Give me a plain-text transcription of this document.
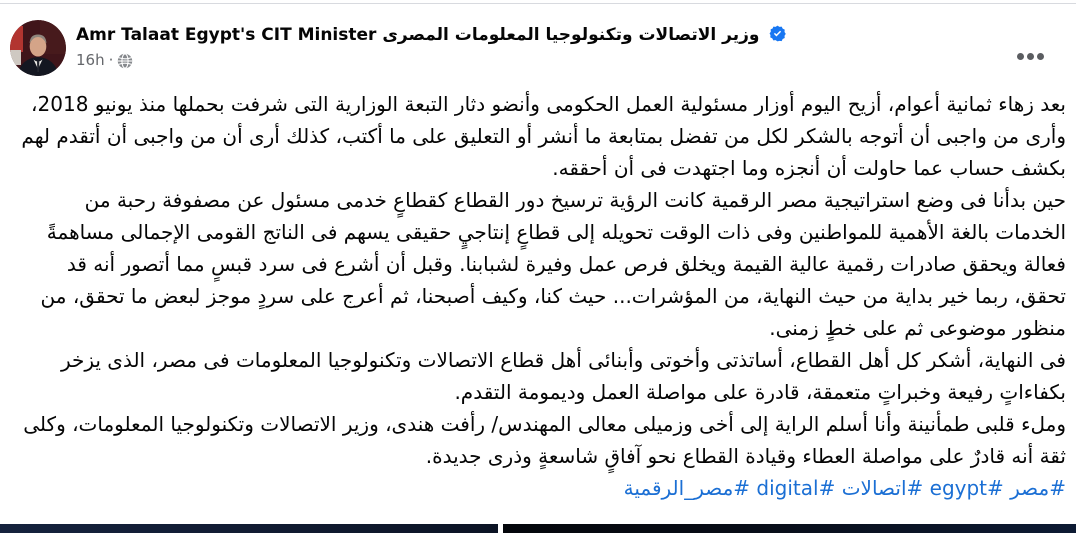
Amr Talaat Egypt's CIT Minister وزير الاتصالات وتكنولوجيا المعلومات المصرى
16h ·

بعد زهاء ثمانية أعوام، أزيح اليوم أوزار مسئولية العمل الحكومى وأنضو دثار التبعة الوزارية التى شرفت بحملها منذ يونيو 2018، وأرى من واجبى أن أتوجه بالشكر لكل من تفضل بمتابعة ما أنشر أو التعليق على ما أكتب، كذلك أرى أن من واجبى أن أتقدم لهم بكشف حساب عما حاولت أن أنجزه وما اجتهدت فى أن أحققه.

حين بدأنا فى وضع استراتيجية مصر الرقمية كانت الرؤية ترسيخ دور القطاع كقطاعٍ خدمى مسئول عن مصفوفة رحبة من الخدمات بالغة الأهمية للمواطنين وفى ذات الوقت تحويله إلى قطاعٍ إنتاجيٍ حقيقى يسهم فى الناتج القومى الإجمالى مساهمةً فعالة ويحقق صادرات رقمية عالية القيمة ويخلق فرص عمل وفيرة لشبابنا. وقبل أن أشرع فى سرد قبسٍ مما أتصور أنه قد تحقق، ربما خير بداية من حيث النهاية، من المؤشرات... حيث كنا، وكيف أصبحنا، ثم أعرج على سردٍ موجز لبعض ما تحقق، من منظور موضوعى ثم على خطٍ زمنى.

فى النهاية، أشكر كل أهل القطاع، أساتذتى وأخوتى وأبنائى أهل قطاع الاتصالات وتكنولوجيا المعلومات فى مصر، الذى يزخر بكفاءاتٍ رفيعة وخبراتٍ متعمقة، قادرة على مواصلة العمل وديمومة التقدم.

وملء قلبى طمأنينة وأنا أسلم الراية إلى أخى وزميلى معالى المهندس/ رأفت هندى، وزير الاتصالات وتكنولوجيا المعلومات، وكلى ثقة أنه قادرٌ على مواصلة العطاء وقيادة القطاع نحو آفاقٍ شاسعةٍ وذرى جديدة.

#مصر #egypt #اتصالات #digital #مصر_الرقمية
